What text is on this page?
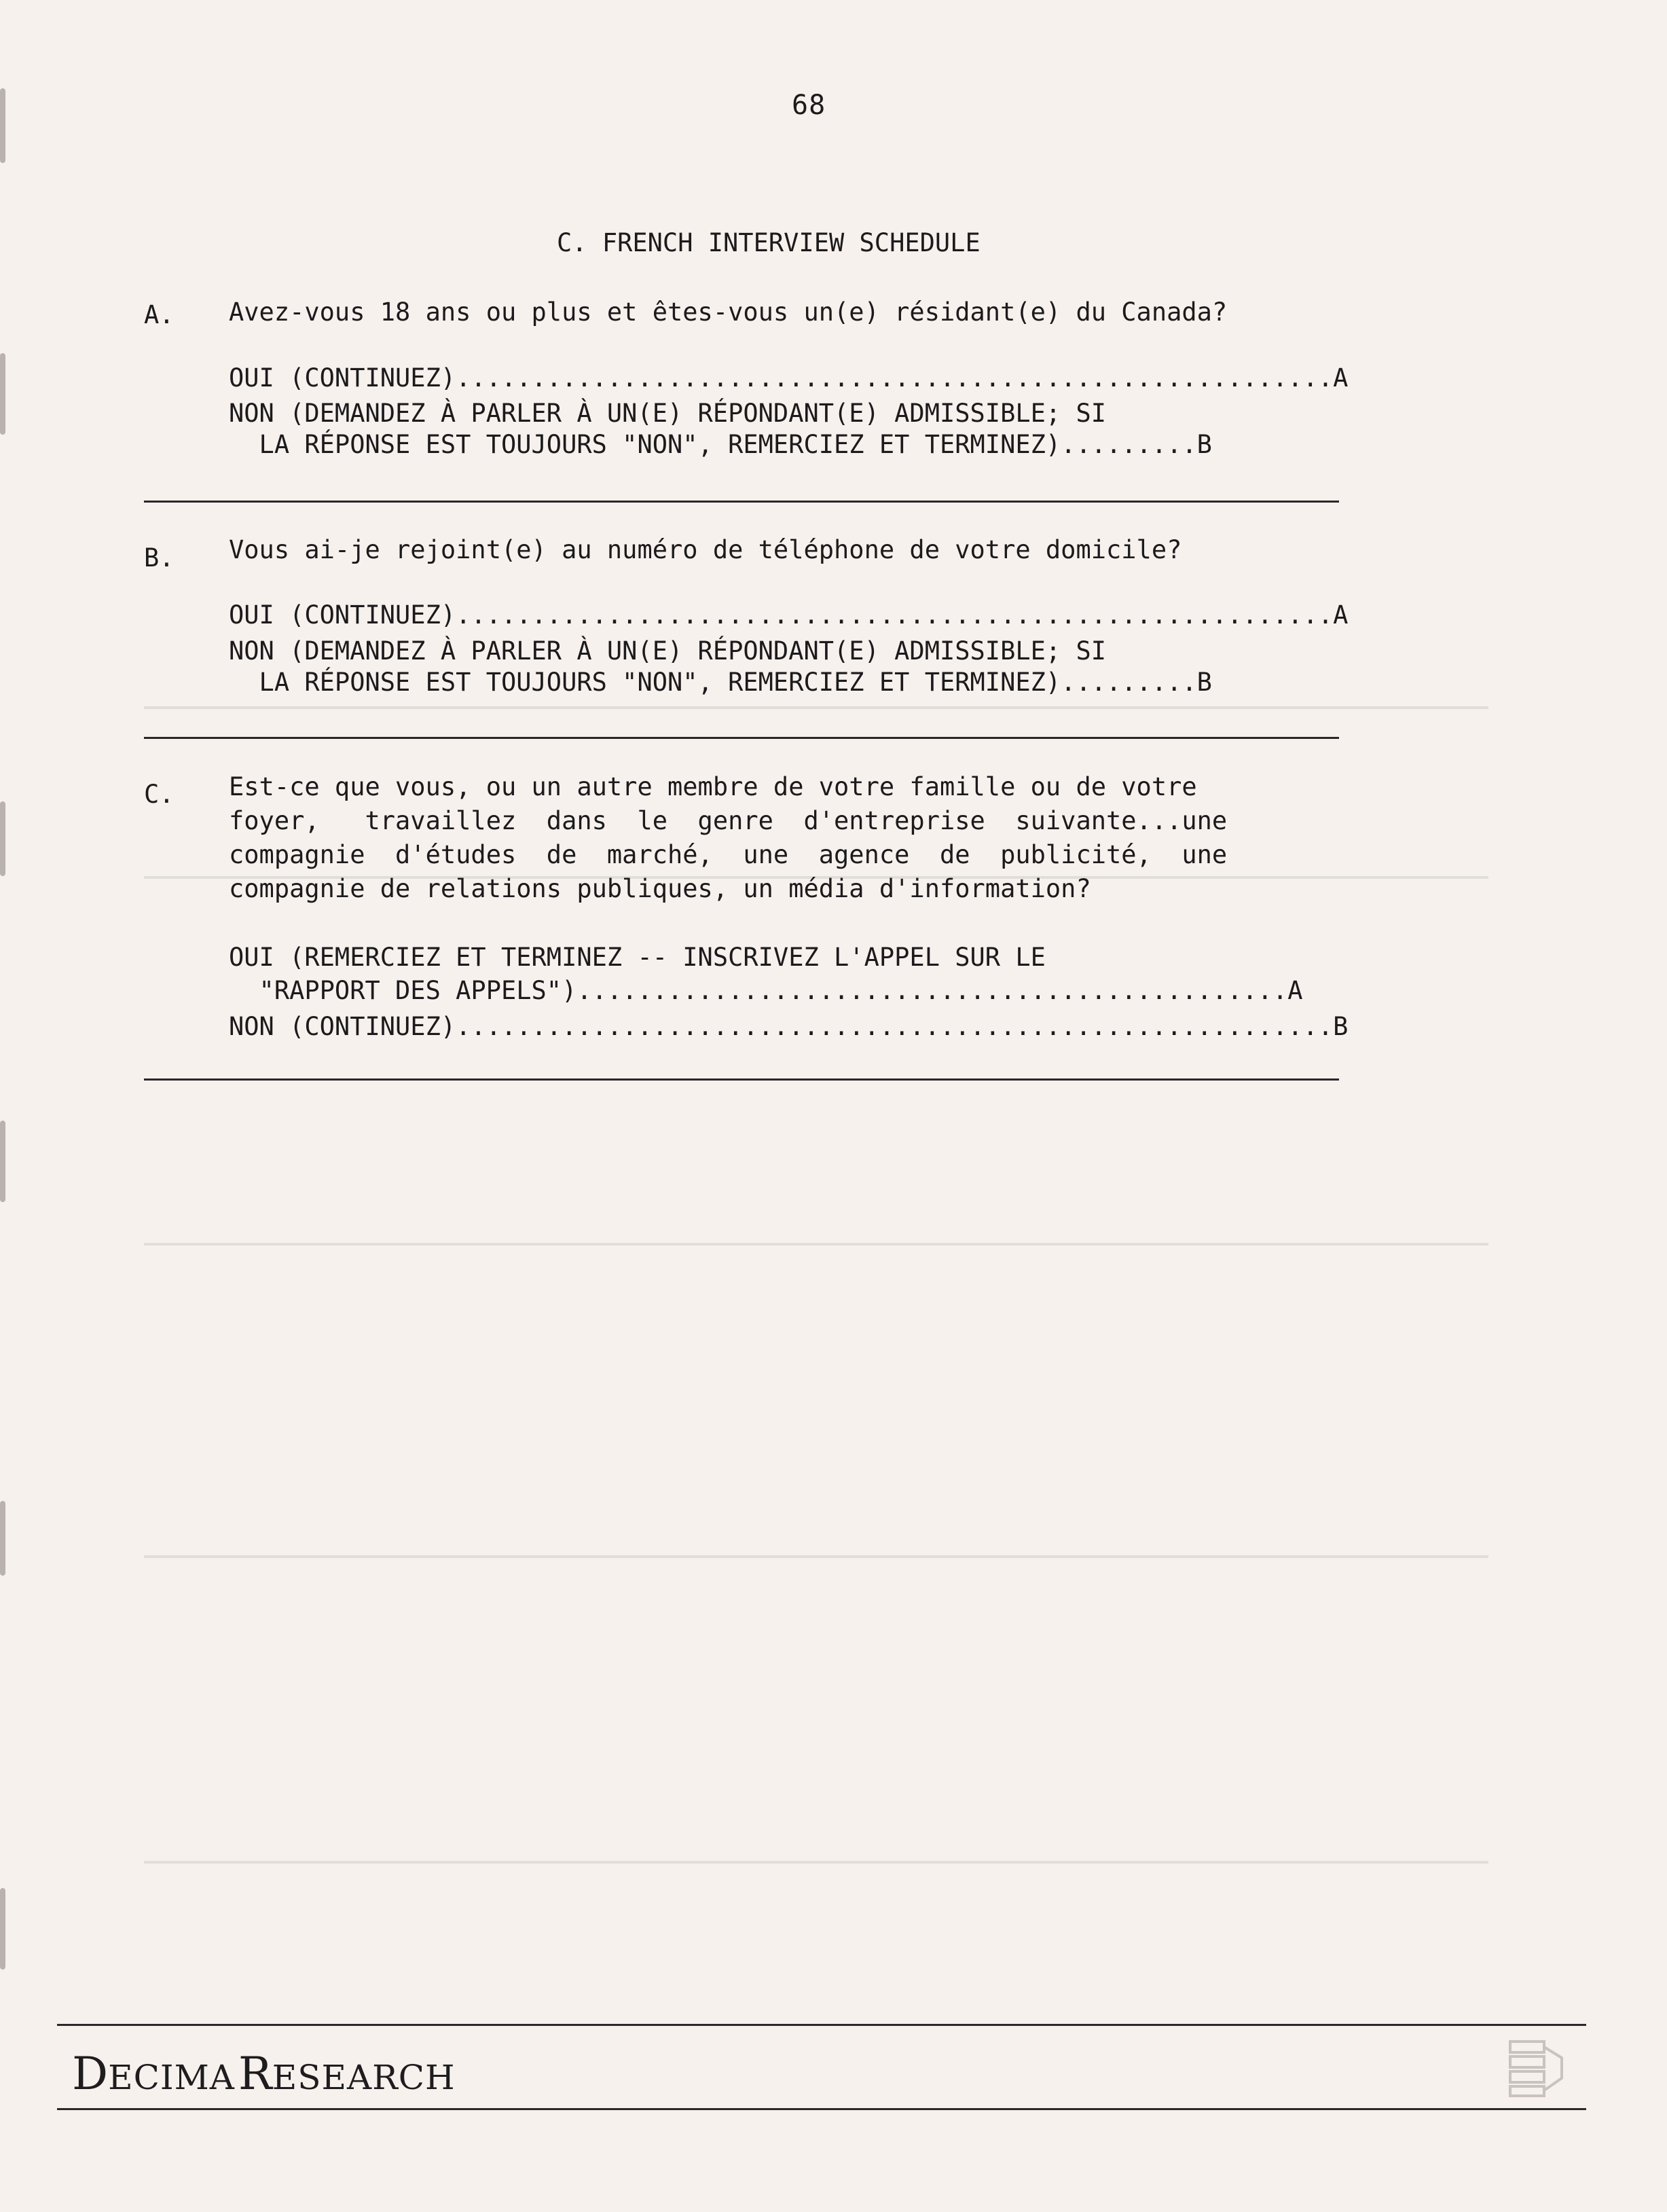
68
C. FRENCH INTERVIEW SCHEDULE
A. Avez-vous 18 ans ou plus et êtes-vous un(e) résidant(e) du Canada?
OUI (CONTINUEZ)..........................................................A
NON (DEMANDEZ À PARLER À UN(E) RÉPONDANT(E) ADMISSIBLE; SI
LA RÉPONSE EST TOUJOURS "NON", REMERCIEZ ET TERMINEZ).........B
B. Vous ai-je rejoint(e) au numéro de téléphone de votre domicile?
OUI (CONTINUEZ)..........................................................A
NON (DEMANDEZ À PARLER À UN(E) RÉPONDANT(E) ADMISSIBLE; SI
LA RÉPONSE EST TOUJOURS "NON", REMERCIEZ ET TERMINEZ).........B
C. Est-ce que vous, ou un autre membre de votre famille ou de votre
foyer,   travaillez  dans  le  genre  d'entreprise  suivante...une
compagnie  d'études  de  marché,  une  agence  de  publicité,  une
compagnie de relations publiques, un média d'information?
OUI (REMERCIEZ ET TERMINEZ -- INSCRIVEZ L'APPEL SUR LE
"RAPPORT DES APPELS")...............................................A
NON (CONTINUEZ)..........................................................B

DECIMA RESEARCH
